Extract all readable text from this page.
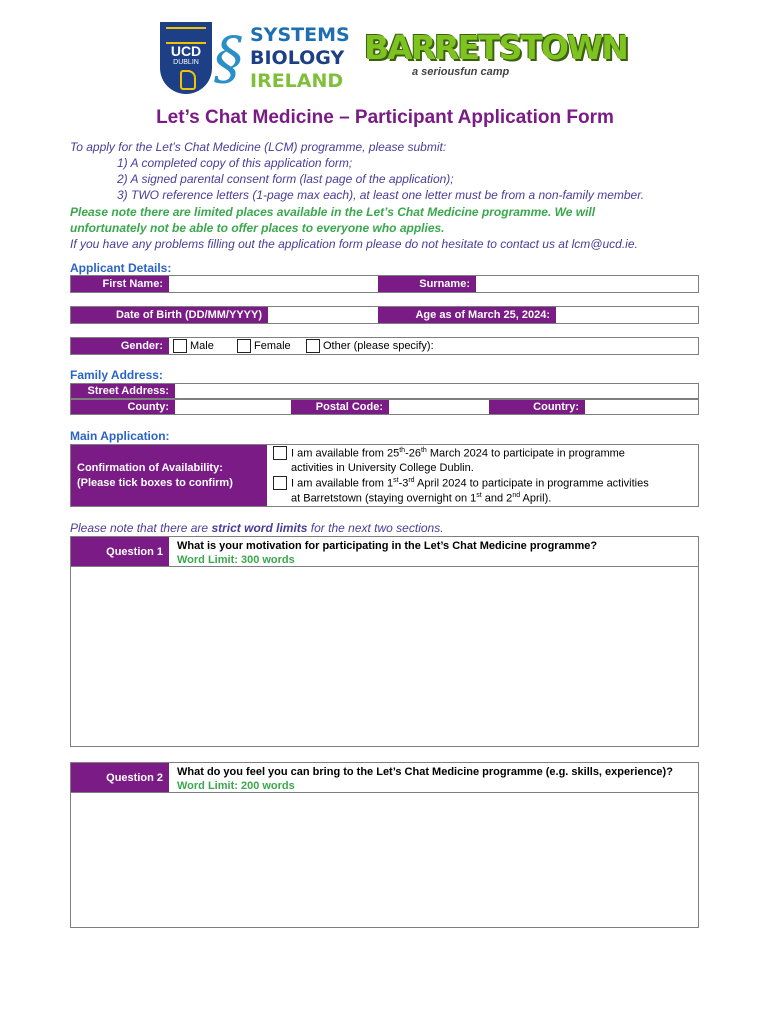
UCD
DUBLIN § SYSTEMS
BIOLOGY
IRELAND
BARRETSTOWN
a seriousfun camp
Let’s Chat Medicine – Participant Application Form
To apply for the Let’s Chat Medicine (LCM) programme, please submit:
1) A completed copy of this application form;
2) A signed parental consent form (last page of the application);
3) TWO reference letters (1-page max each), at least one letter must be from a non-family member.
Please note there are limited places available in the Let’s Chat Medicine programme. We will
unfortunately not be able to offer places to everyone who applies.
If you have any problems filling out the application form please do not hesitate to contact us at lcm@ucd.ie.
Applicant Details:
First Name:	Surname:
Date of Birth (DD/MM/YYYY)	Age as of March 25, 2024:
Gender:	Male	Female	Other (please specify):
Family Address:
Street Address:
County:	Postal Code:	Country:
Main Application:
Confirmation of Availability:
(Please tick boxes to confirm)
I am available from 25th-26th March 2024 to participate in programme
activities in University College Dublin.
I am available from 1st-3rd April 2024 to participate in programme activities
at Barretstown (staying overnight on 1st and 2nd April).
Please note that there are strict word limits for the next two sections.
Question 1	What is your motivation for participating in the Let’s Chat Medicine programme?
Word Limit: 300 words
Question 2	What do you feel you can bring to the Let’s Chat Medicine programme (e.g. skills, experience)?
Word Limit: 200 words
